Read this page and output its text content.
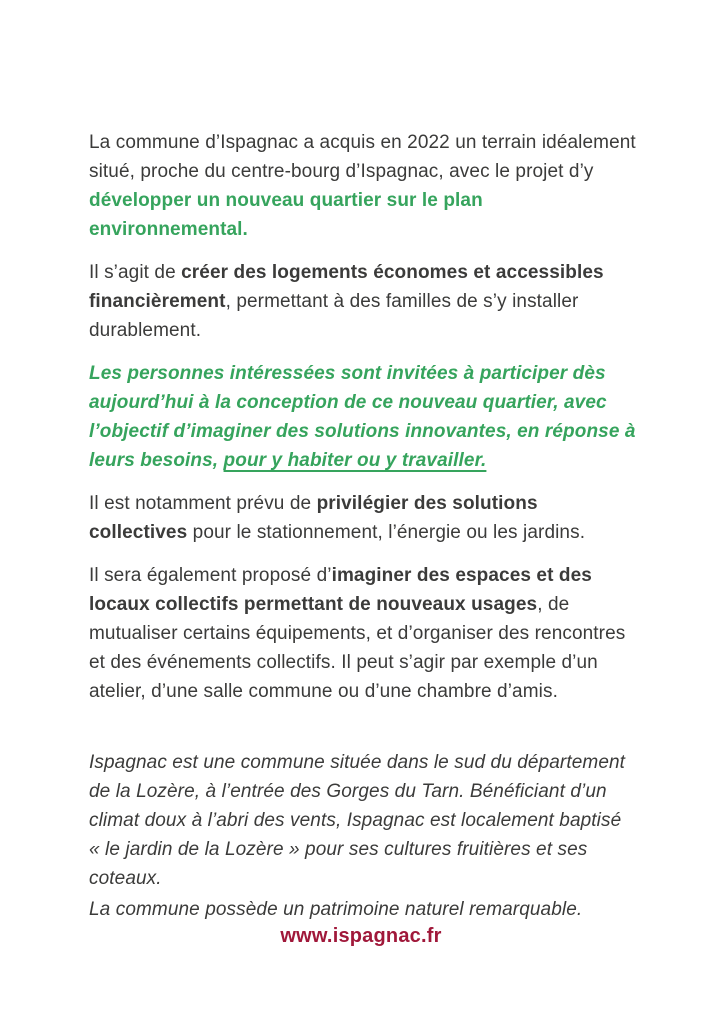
La commune d’Ispagnac a acquis en 2022 un terrain idéalement situé, proche du centre-bourg d’Ispagnac, avec le projet d’y développer un nouveau quartier sur le plan environnemental.

Il s’agit de créer des logements économes et accessibles financièrement, permettant à des familles de s’y installer durablement.

Les personnes intéressées sont invitées à participer dès aujourd’hui à la conception de ce nouveau quartier, avec l’objectif d’imaginer des solutions innovantes, en réponse à leurs besoins, pour y habiter ou y travailler.

Il est notamment prévu de privilégier des solutions collectives pour le stationnement, l’énergie ou les jardins.

Il sera également proposé d’imaginer des espaces et des locaux collectifs permettant de nouveaux usages, de mutualiser certains équipements, et d’organiser des rencontres et des événements collectifs. Il peut s’agir par exemple d’un atelier, d’une salle commune ou d’une chambre d’amis.

Ispagnac est une commune située dans le sud du département de la Lozère, à l’entrée des Gorges du Tarn. Bénéficiant d’un climat doux à l’abri des vents, Ispagnac est localement baptisé « le jardin de la Lozère » pour ses cultures fruitières et ses coteaux.

La commune possède un patrimoine naturel remarquable.

www.ispagnac.fr
